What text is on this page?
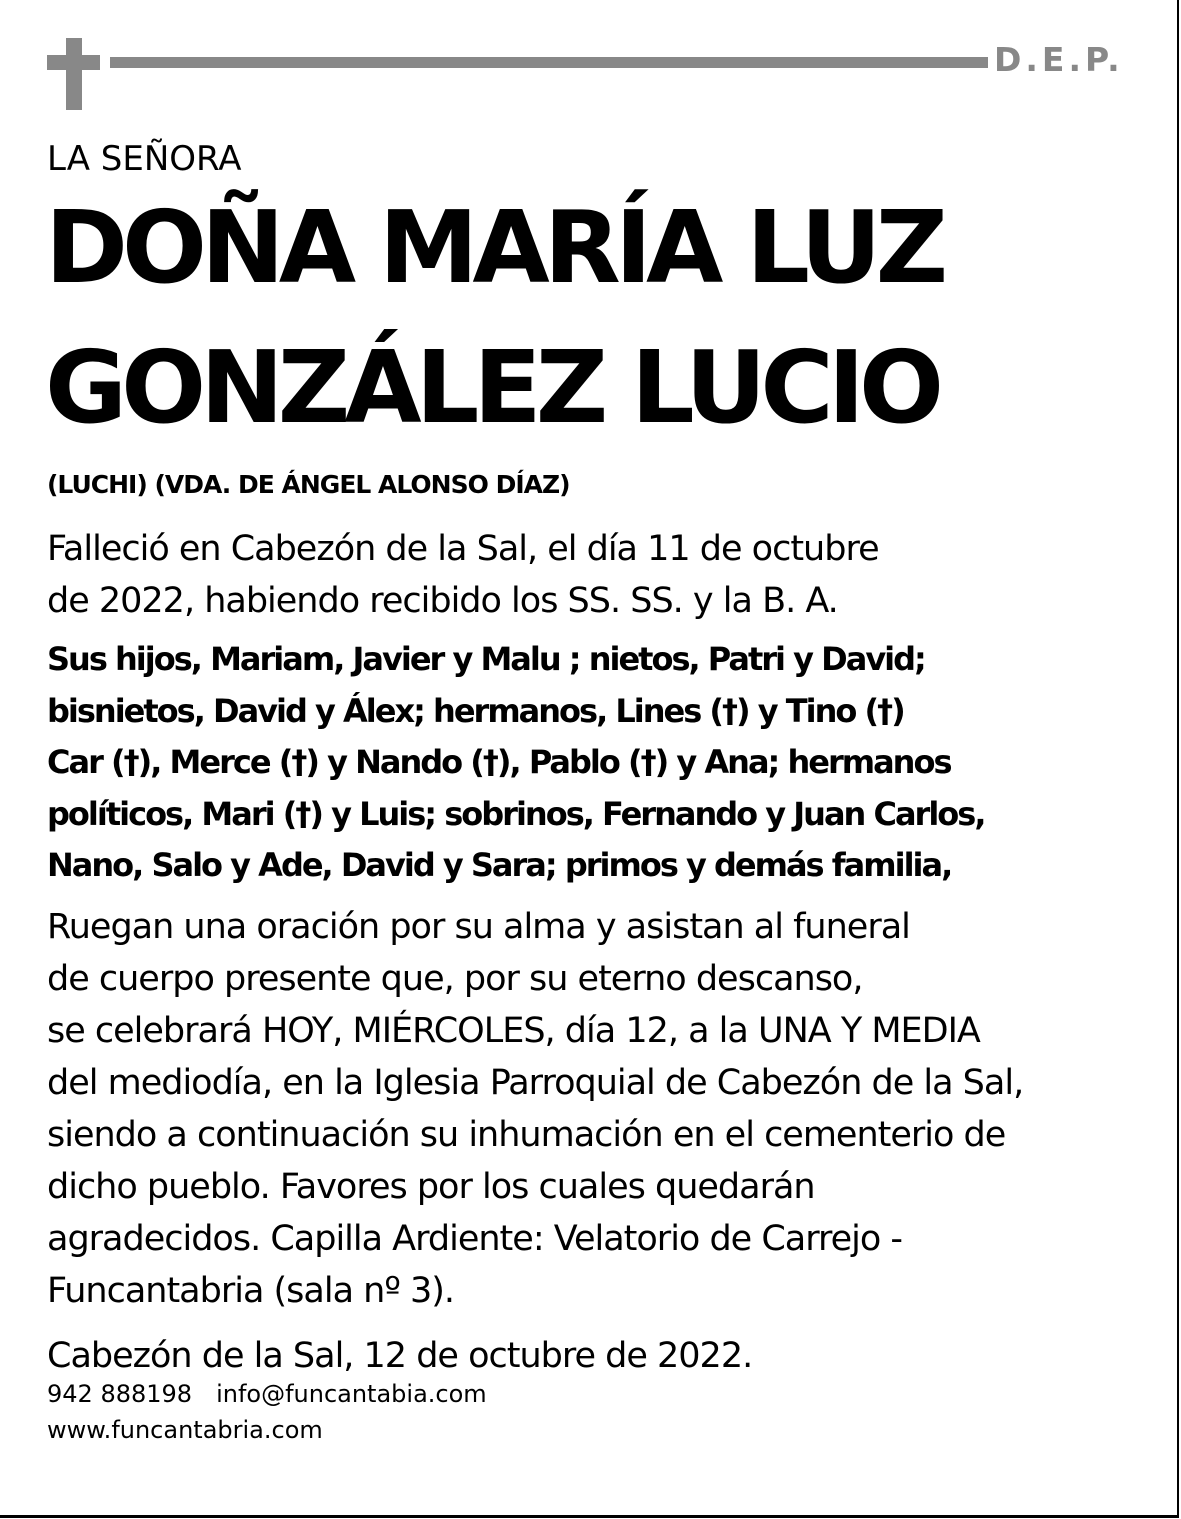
D.E.P.
LA SEÑORA
DOÑA MARÍA LUZ
GONZÁLEZ LUCIO
(LUCHI) (VDA. DE ÁNGEL ALONSO DÍAZ)
Falleció en Cabezón de la Sal, el día 11 de octubre
de 2022, habiendo recibido los SS. SS. y la B. A.
Sus hijos, Mariam, Javier y Malu ; nietos, Patri y David;
bisnietos, David y Álex; hermanos, Lines (†) y Tino (†)
Car (†), Merce (†) y Nando (†), Pablo (†) y Ana; hermanos
políticos, Mari (†) y Luis; sobrinos, Fernando y Juan Carlos,
Nano, Salo y Ade, David y Sara; primos y demás familia,
Ruegan una oración por su alma y asistan al funeral
de cuerpo presente que, por su eterno descanso,
se celebrará HOY, MIÉRCOLES, día 12, a la UNA Y MEDIA
del mediodía, en la Iglesia Parroquial de Cabezón de la Sal,
siendo a continuación su inhumación en el cementerio de
dicho pueblo. Favores por los cuales quedarán
agradecidos. Capilla Ardiente: Velatorio de Carrejo -
Funcantabria (sala nº 3).
Cabezón de la Sal, 12 de octubre de 2022.
942 888198 info@funcantabia.com
www.funcantabria.com
